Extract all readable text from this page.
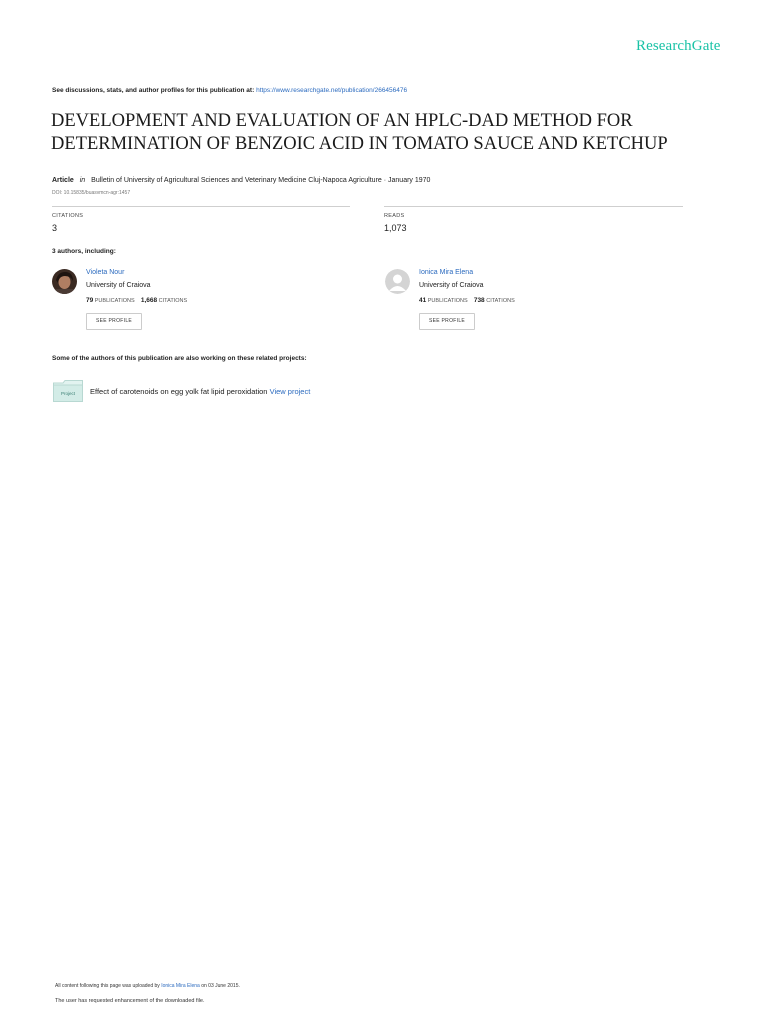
ResearchGate
See discussions, stats, and author profiles for this publication at: https://www.researchgate.net/publication/266456476
DEVELOPMENT AND EVALUATION OF AN HPLC-DAD METHOD FOR
DETERMINATION OF BENZOIC ACID IN TOMATO SAUCE AND KETCHUP
Article in Bulletin of University of Agricultural Sciences and Veterinary Medicine Cluj-Napoca Agriculture · January 1970
DOI: 10.15835/buasvmcn-agr:1457
CITATIONS
3
READS
1,073
3 authors, including:
Violeta Nour
University of Craiova
79 PUBLICATIONS 1,668 CITATIONS
SEE PROFILE
Ionica Mira Elena
University of Craiova
41 PUBLICATIONS 738 CITATIONS
SEE PROFILE
Some of the authors of this publication are also working on these related projects:
Project Effect of carotenoids on egg yolk fat lipid peroxidation View project
All content following this page was uploaded by Ionica Mira Elena on 03 June 2015.
The user has requested enhancement of the downloaded file.
